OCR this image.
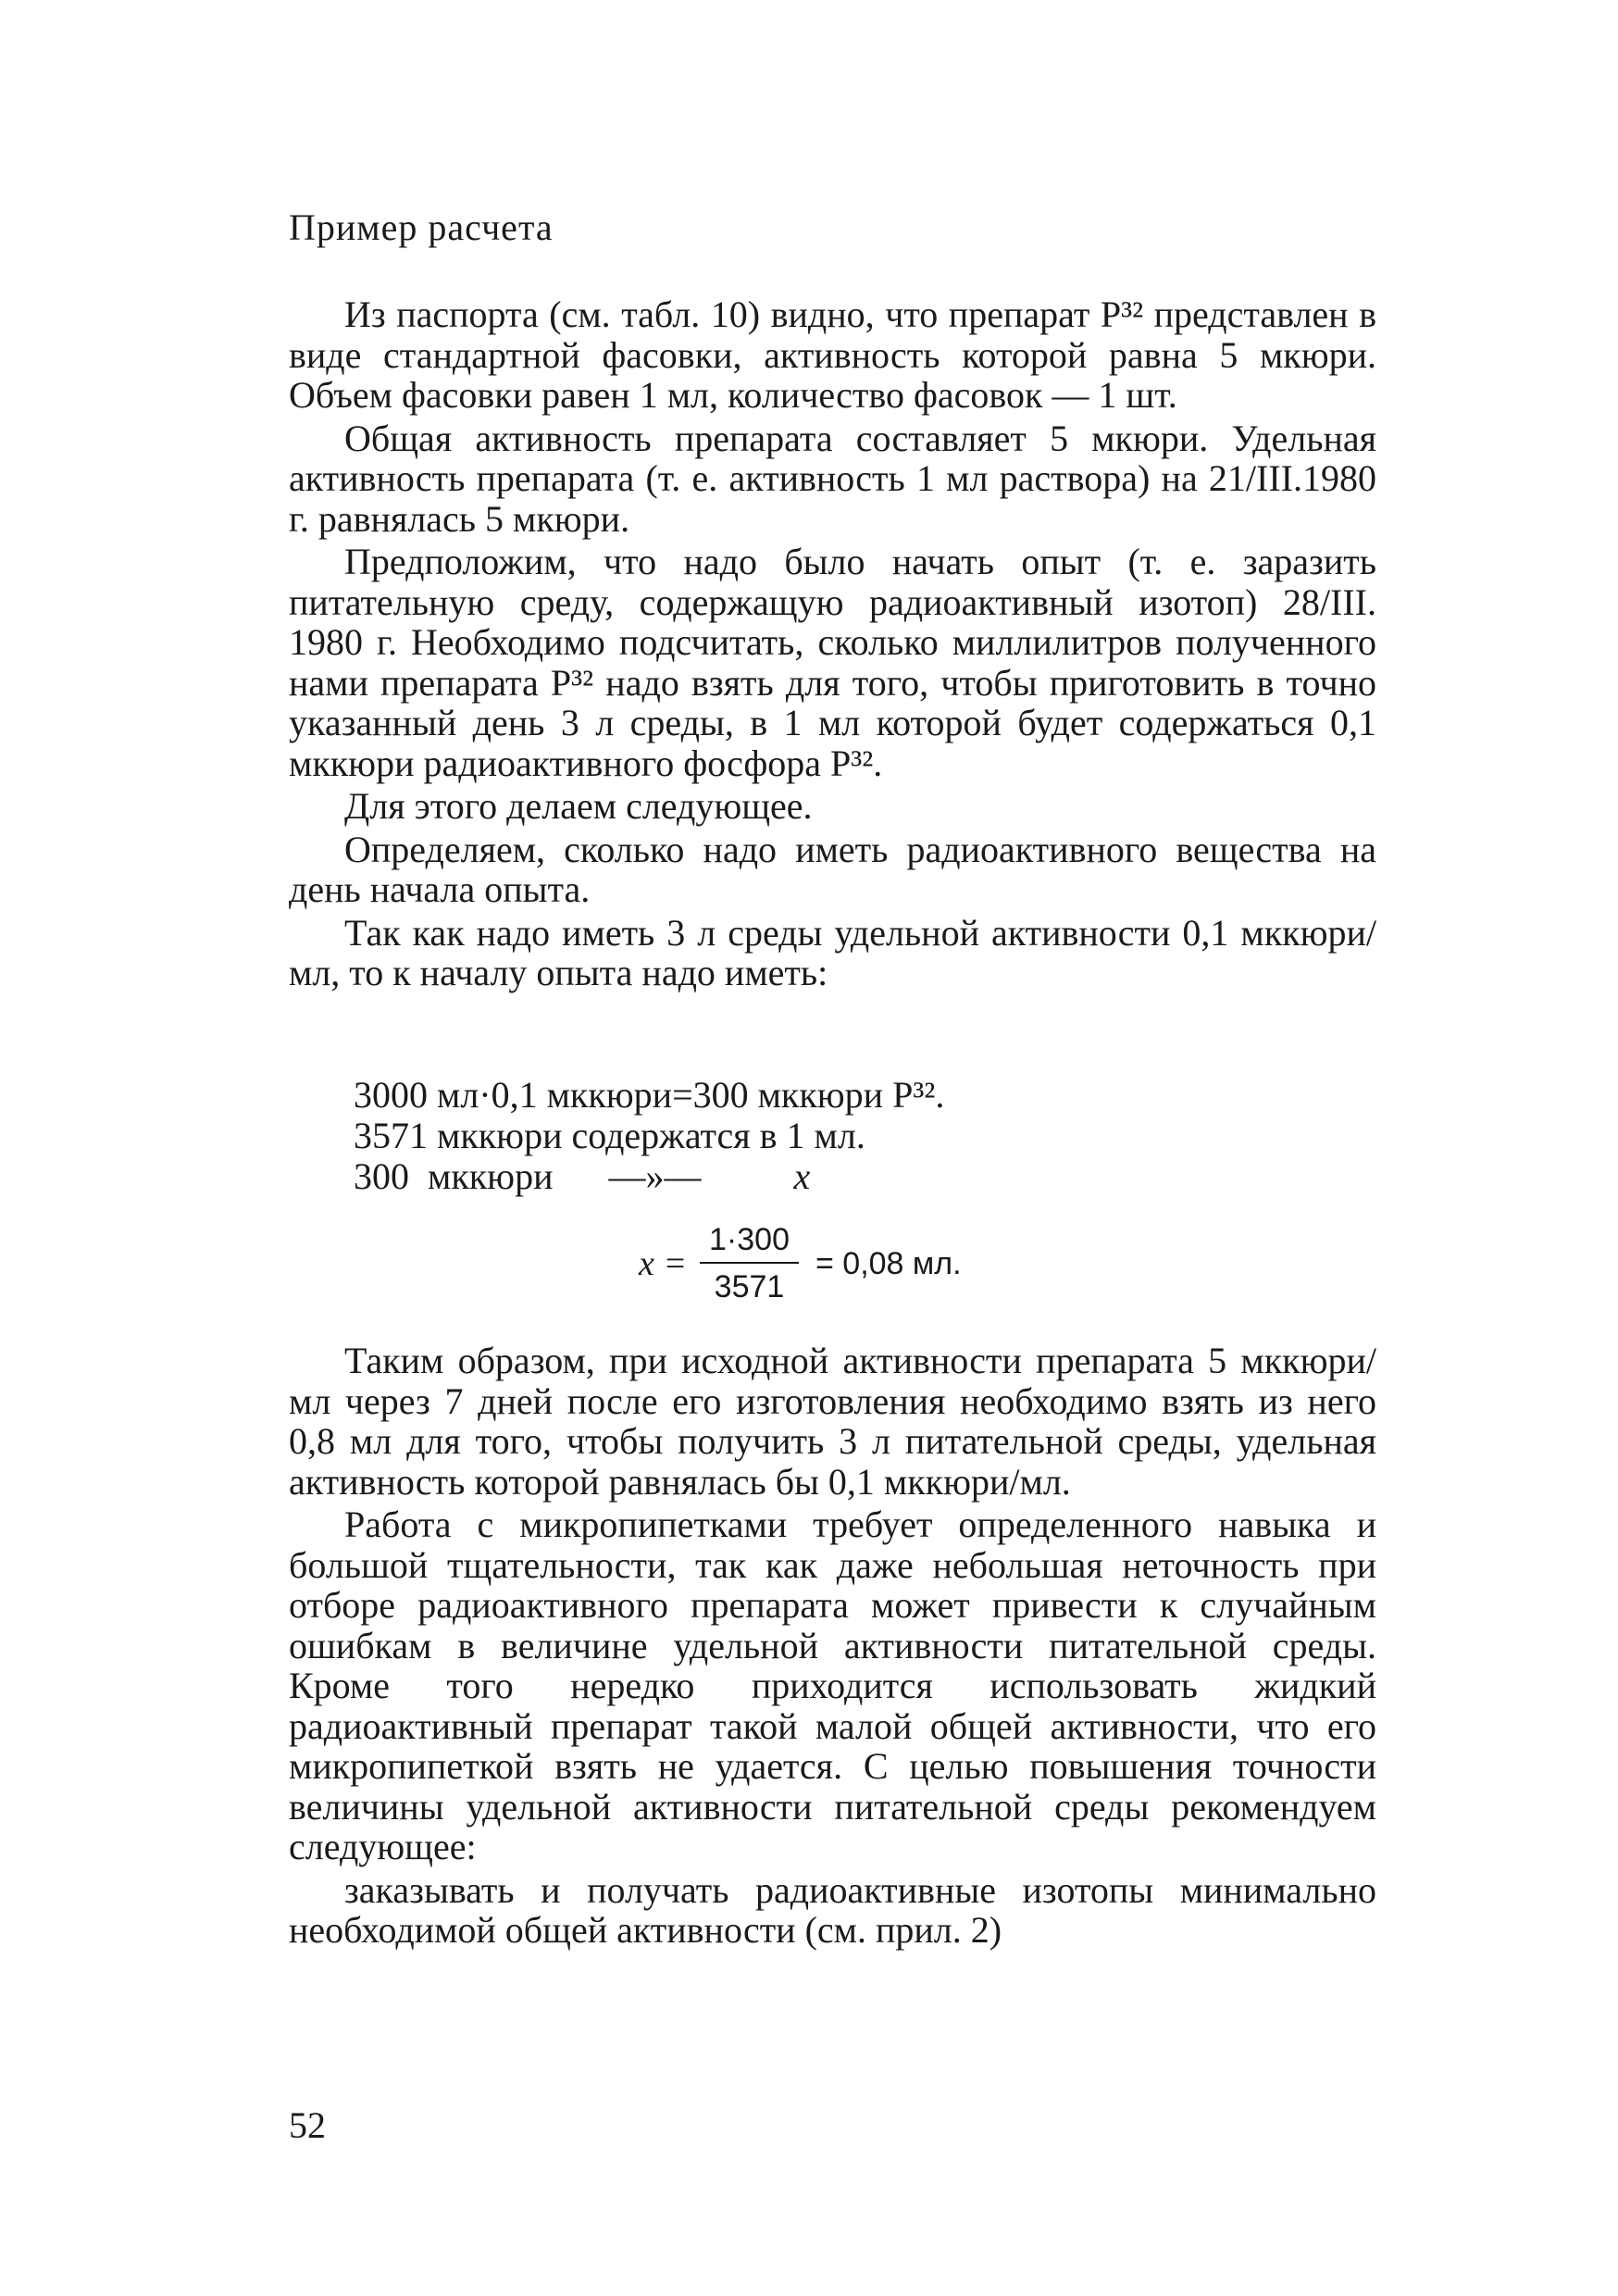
Пример расчета

Из паспорта (см. табл. 10) видно, что препарат P³² представлен в виде стандартной фасовки, активность которой равна 5 мкюри. Объем фасовки равен 1 мл, количество фасовок — 1 шт.

Общая активность препарата составляет 5 мкюри. Удельная активность препарата (т. е. активность 1 мл раствора) на 21/III.1980 г. равнялась 5 мкюри.

Предположим, что надо было начать опыт (т. е. заразить питательную среду, содержащую радиоактивный изотоп) 28/III. 1980 г. Необходимо подсчитать, сколько миллилитров полученного нами препарата P³² надо взять для того, чтобы приготовить в точно указанный день 3 л среды, в 1 мл которой будет содержаться 0,1 мккюри радиоактивного фосфора P³².

Для этого делаем следующее.

Определяем, сколько надо иметь радиоактивного вещества на день начала опыта.

Так как надо иметь 3 л среды удельной активности 0,1 мккюри/мл, то к началу опыта надо иметь:

3000 мл·0,1 мккюри=300 мккюри P³².
3571 мккюри содержатся в 1 мл.
300  мккюри      —»—	x
$x = \frac{1\cdot 300}{3571} = 0,08$ мл.

Таким образом, при исходной активности препарата 5 мккюри/мл через 7 дней после его изготовления необходимо взять из него 0,8 мл для того, чтобы получить 3 л питательной среды, удельная активность которой равнялась бы 0,1 мккюри/мл.

Работа с микропипетками требует определенного навыка и большой тщательности, так как даже небольшая неточность при отборе радиоактивного препарата может привести к случайным ошибкам в величине удельной активности питательной среды. Кроме того нередко приходится использовать жидкий радиоактивный препарат такой малой общей активности, что его микропипеткой взять не удается. С целью повышения точности величины удельной активности питательной среды рекомендуем следующее:

заказывать и получать радиоактивные изотопы минимально необходимой общей активности (см. прил. 2)

52
